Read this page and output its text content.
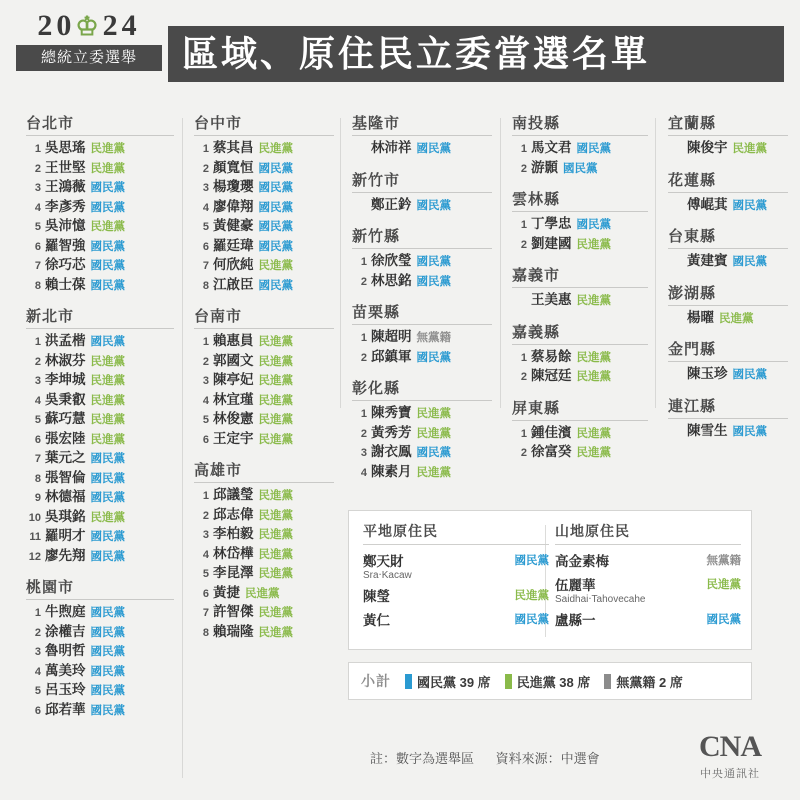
20♔24
總統立委選舉	區域、原住民立委當選名單
台北市
1 吳思瑤 民進黨
2 王世堅 民進黨
3 王鴻薇 國民黨
4 李彥秀 國民黨
5 吳沛憶 民進黨
6 羅智強 國民黨
7 徐巧芯 國民黨
8 賴士葆 國民黨
新北市
1 洪孟楷 國民黨
2 林淑芬 民進黨
3 李坤城 民進黨
4 吳秉叡 民進黨
5 蘇巧慧 民進黨
6 張宏陸 民進黨
7 葉元之 國民黨
8 張智倫 國民黨
9 林德福 國民黨
10 吳琪銘 民進黨
11 羅明才 國民黨
12 廖先翔 國民黨
桃園市
1 牛煦庭 國民黨
2 涂權吉 國民黨
3 魯明哲 國民黨
4 萬美玲 國民黨
5 呂玉玲 國民黨
6 邱若華 國民黨
台中市
1 蔡其昌 民進黨
2 顏寬恒 國民黨
3 楊瓊瓔 國民黨
4 廖偉翔 國民黨
5 黃健豪 國民黨
6 羅廷瑋 國民黨
7 何欣純 民進黨
8 江啟臣 國民黨
台南市
1 賴惠員 民進黨
2 郭國文 民進黨
3 陳亭妃 民進黨
4 林宜瑾 民進黨
5 林俊憲 民進黨
6 王定宇 民進黨
高雄市
1 邱議瑩 民進黨
2 邱志偉 民進黨
3 李柏毅 民進黨
4 林岱樺 民進黨
5 李昆澤 民進黨
6 黃捷 民進黨
7 許智傑 民進黨
8 賴瑞隆 民進黨
基隆市
林沛祥 國民黨
新竹市
鄭正鈐 國民黨
新竹縣
1 徐欣瑩 國民黨
2 林思銘 國民黨
苗栗縣
1 陳超明 無黨籍
2 邱鎮軍 國民黨
彰化縣
1 陳秀寶 民進黨
2 黃秀芳 民進黨
3 謝衣鳯 國民黨
4 陳素月 民進黨
南投縣
1 馬文君 國民黨
2 游顥 國民黨
雲林縣
1 丁學忠 國民黨
2 劉建國 民進黨
嘉義市
王美惠 民進黨
嘉義縣
1 蔡易餘 民進黨
2 陳冠廷 民進黨
屏東縣
1 鍾佳濱 民進黨
2 徐富癸 民進黨
宜蘭縣
陳俊宇 民進黨
花蓮縣
傅崐萁 國民黨
台東縣
黃建賓 國民黨
澎湖縣
楊曜 民進黨
金門縣
陳玉珍 國民黨
連江縣
陳雪生 國民黨
平地原住民
鄭天財
Sra‧Kacaw
國民黨
陳瑩	民進黨
黃仁	國民黨
山地原住民
高金素梅	無黨籍
伍麗華
Saidhai‧Tahovecahe
民進黨
盧縣一	國民黨
小計 國民黨 39 席 民進黨 38 席 無黨籍 2 席
註：數字為選舉區 資料來源：中選會	CNA
中央通訊社
